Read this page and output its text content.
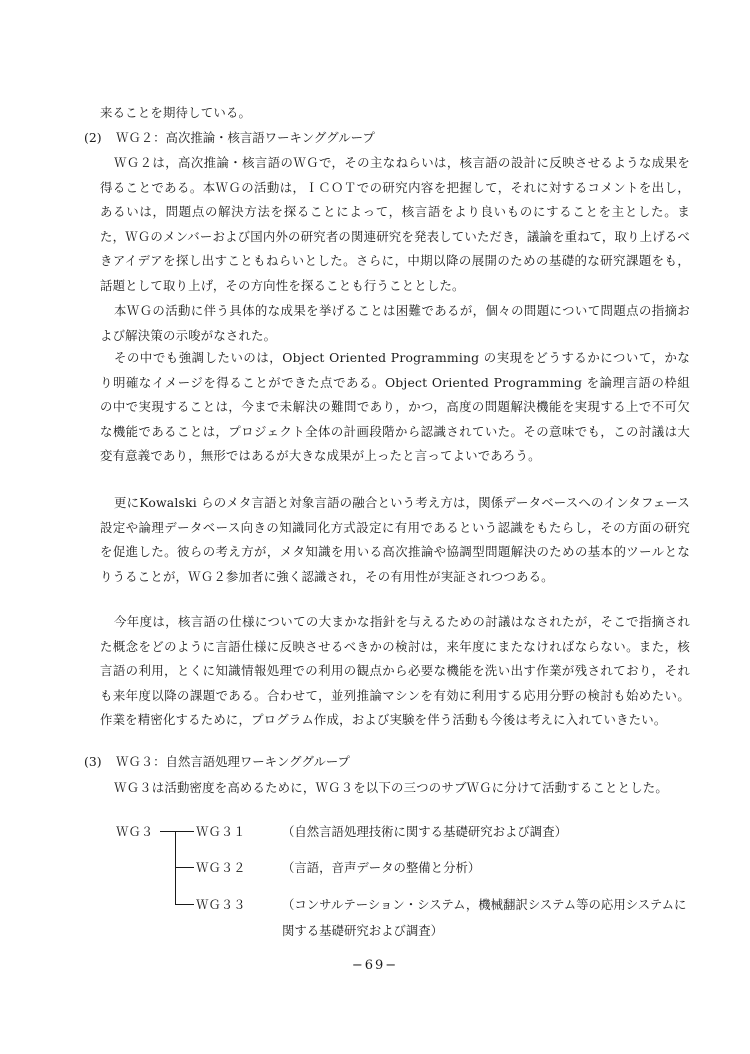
来ることを期待している。

(2) ＷＧ２：高次推論・核言語ワーキンググループ

ＷＧ２は，高次推論・核言語のＷＧで，その主なねらいは，核言語の設計に反映させるような成果を得ることである。本ＷＧの活動は，ＩＣＯＴでの研究内容を把握して，それに対するコメントを出し，あるいは，問題点の解決方法を探ることによって，核言語をより良いものにすることを主とした。また，ＷＧのメンバーおよび国内外の研究者の関連研究を発表していただき，議論を重ねて，取り上げるべきアイデアを探し出すこともねらいとした。さらに，中期以降の展開のための基礎的な研究課題をも，話題として取り上げ，その方向性を探ることも行うこととした。

本ＷＧの活動に伴う具体的な成果を挙げることは困難であるが，個々の問題について問題点の指摘および解決策の示唆がなされた。

その中でも強調したいのは，Object Oriented Programming の実現をどうするかについて，かなり明確なイメージを得ることができた点である。Object Oriented Programming を論理言語の枠組の中で実現することは，今まで未解決の難問であり，かつ，高度の問題解決機能を実現する上で不可欠な機能であることは，プロジェクト全体の計画段階から認識されていた。その意味でも，この討議は大変有意義であり，無形ではあるが大きな成果が上ったと言ってよいであろう。

更にKowalski らのメタ言語と対象言語の融合という考え方は，関係データベースへのインタフェース設定や論理データベース向きの知識同化方式設定に有用であるという認識をもたらし，その方面の研究を促進した。彼らの考え方が，メタ知識を用いる高次推論や協調型問題解決のための基本的ツールとなりうることが，ＷＧ２参加者に強く認識され，その有用性が実証されつつある。

今年度は，核言語の仕様についての大まかな指針を与えるための討議はなされたが，そこで指摘された概念をどのように言語仕様に反映させるべきかの検討は，来年度にまたなければならない。また，核言語の利用，とくに知識情報処理での利用の観点から必要な機能を洗い出す作業が残されており，それも来年度以降の課題である。合わせて，並列推論マシンを有効に利用する応用分野の検討も始めたい。作業を精密化するために，プログラム作成，および実験を伴う活動も今後は考えに入れていきたい。

(3) ＷＧ３：自然言語処理ワーキンググループ

ＷＧ３は活動密度を高めるために，ＷＧ３を以下の三つのサブＷＧに分けて活動することとした。

ＷＧ３	ＷＧ３１	（自然言語処理技術に関する基礎研究および調査）
ＷＧ３２	（言語，音声データの整備と分析）
ＷＧ３３	（コンサルテーション・システム，機械翻訳システム等の応用システムに関する基礎研究および調査）
−69−
